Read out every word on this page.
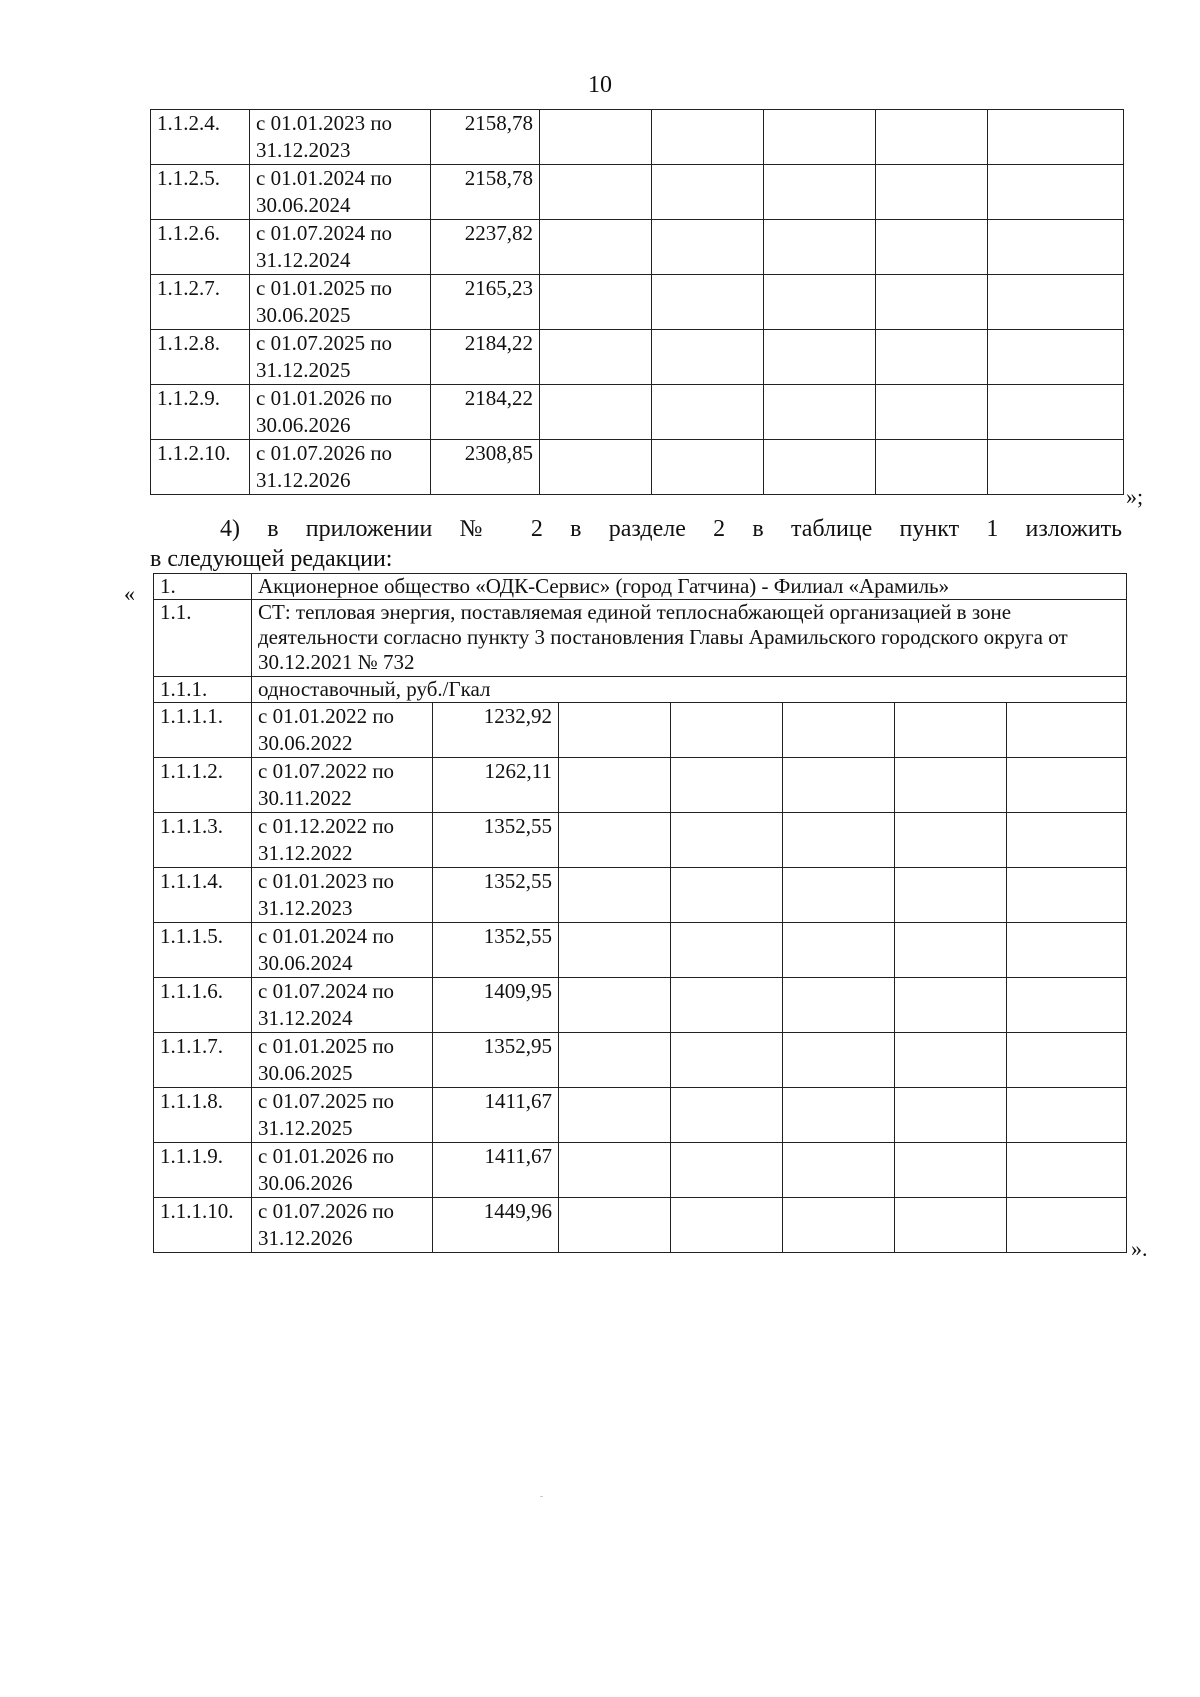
10
1.1.2.4.	с 01.01.2023 по 31.12.2023	2158,78					
1.1.2.5.	с 01.01.2024 по 30.06.2024	2158,78					
1.1.2.6.	с 01.07.2024 по 31.12.2024	2237,82					
1.1.2.7.	с 01.01.2025 по 30.06.2025	2165,23					
1.1.2.8.	с 01.07.2025 по 31.12.2025	2184,22					
1.1.2.9.	с 01.01.2026 по 30.06.2026	2184,22					
1.1.2.10.	с 01.07.2026 по 31.12.2026	2308,85					
»;
4) в приложении № 2 в разделе 2 в таблице пункт 1 изложить
в следующей редакции:
« 1.	Акционерное общество «ОДК-Сервис» (город Гатчина) - Филиал «Арамиль»						
1.1.	СТ: тепловая энергия, поставляемая единой теплоснабжающей организацией в зоне деятельности согласно пункту 3 постановления Главы Арамильского городского округа от 30.12.2021 № 732						
1.1.1.	одноставочный, руб./Гкал						
1.1.1.1.	с 01.01.2022 по 30.06.2022	1232,92					
1.1.1.2.	с 01.07.2022 по 30.11.2022	1262,11					
1.1.1.3.	с 01.12.2022 по 31.12.2022	1352,55					
1.1.1.4.	с 01.01.2023 по 31.12.2023	1352,55					
1.1.1.5.	с 01.01.2024 по 30.06.2024	1352,55					
1.1.1.6.	с 01.07.2024 по 31.12.2024	1409,95					
1.1.1.7.	с 01.01.2025 по 30.06.2025	1352,95					
1.1.1.8.	с 01.07.2025 по 31.12.2025	1411,67					
1.1.1.9.	с 01.01.2026 по 30.06.2026	1411,67					
1.1.1.10.	с 01.07.2026 по 31.12.2026	1449,96					
».
